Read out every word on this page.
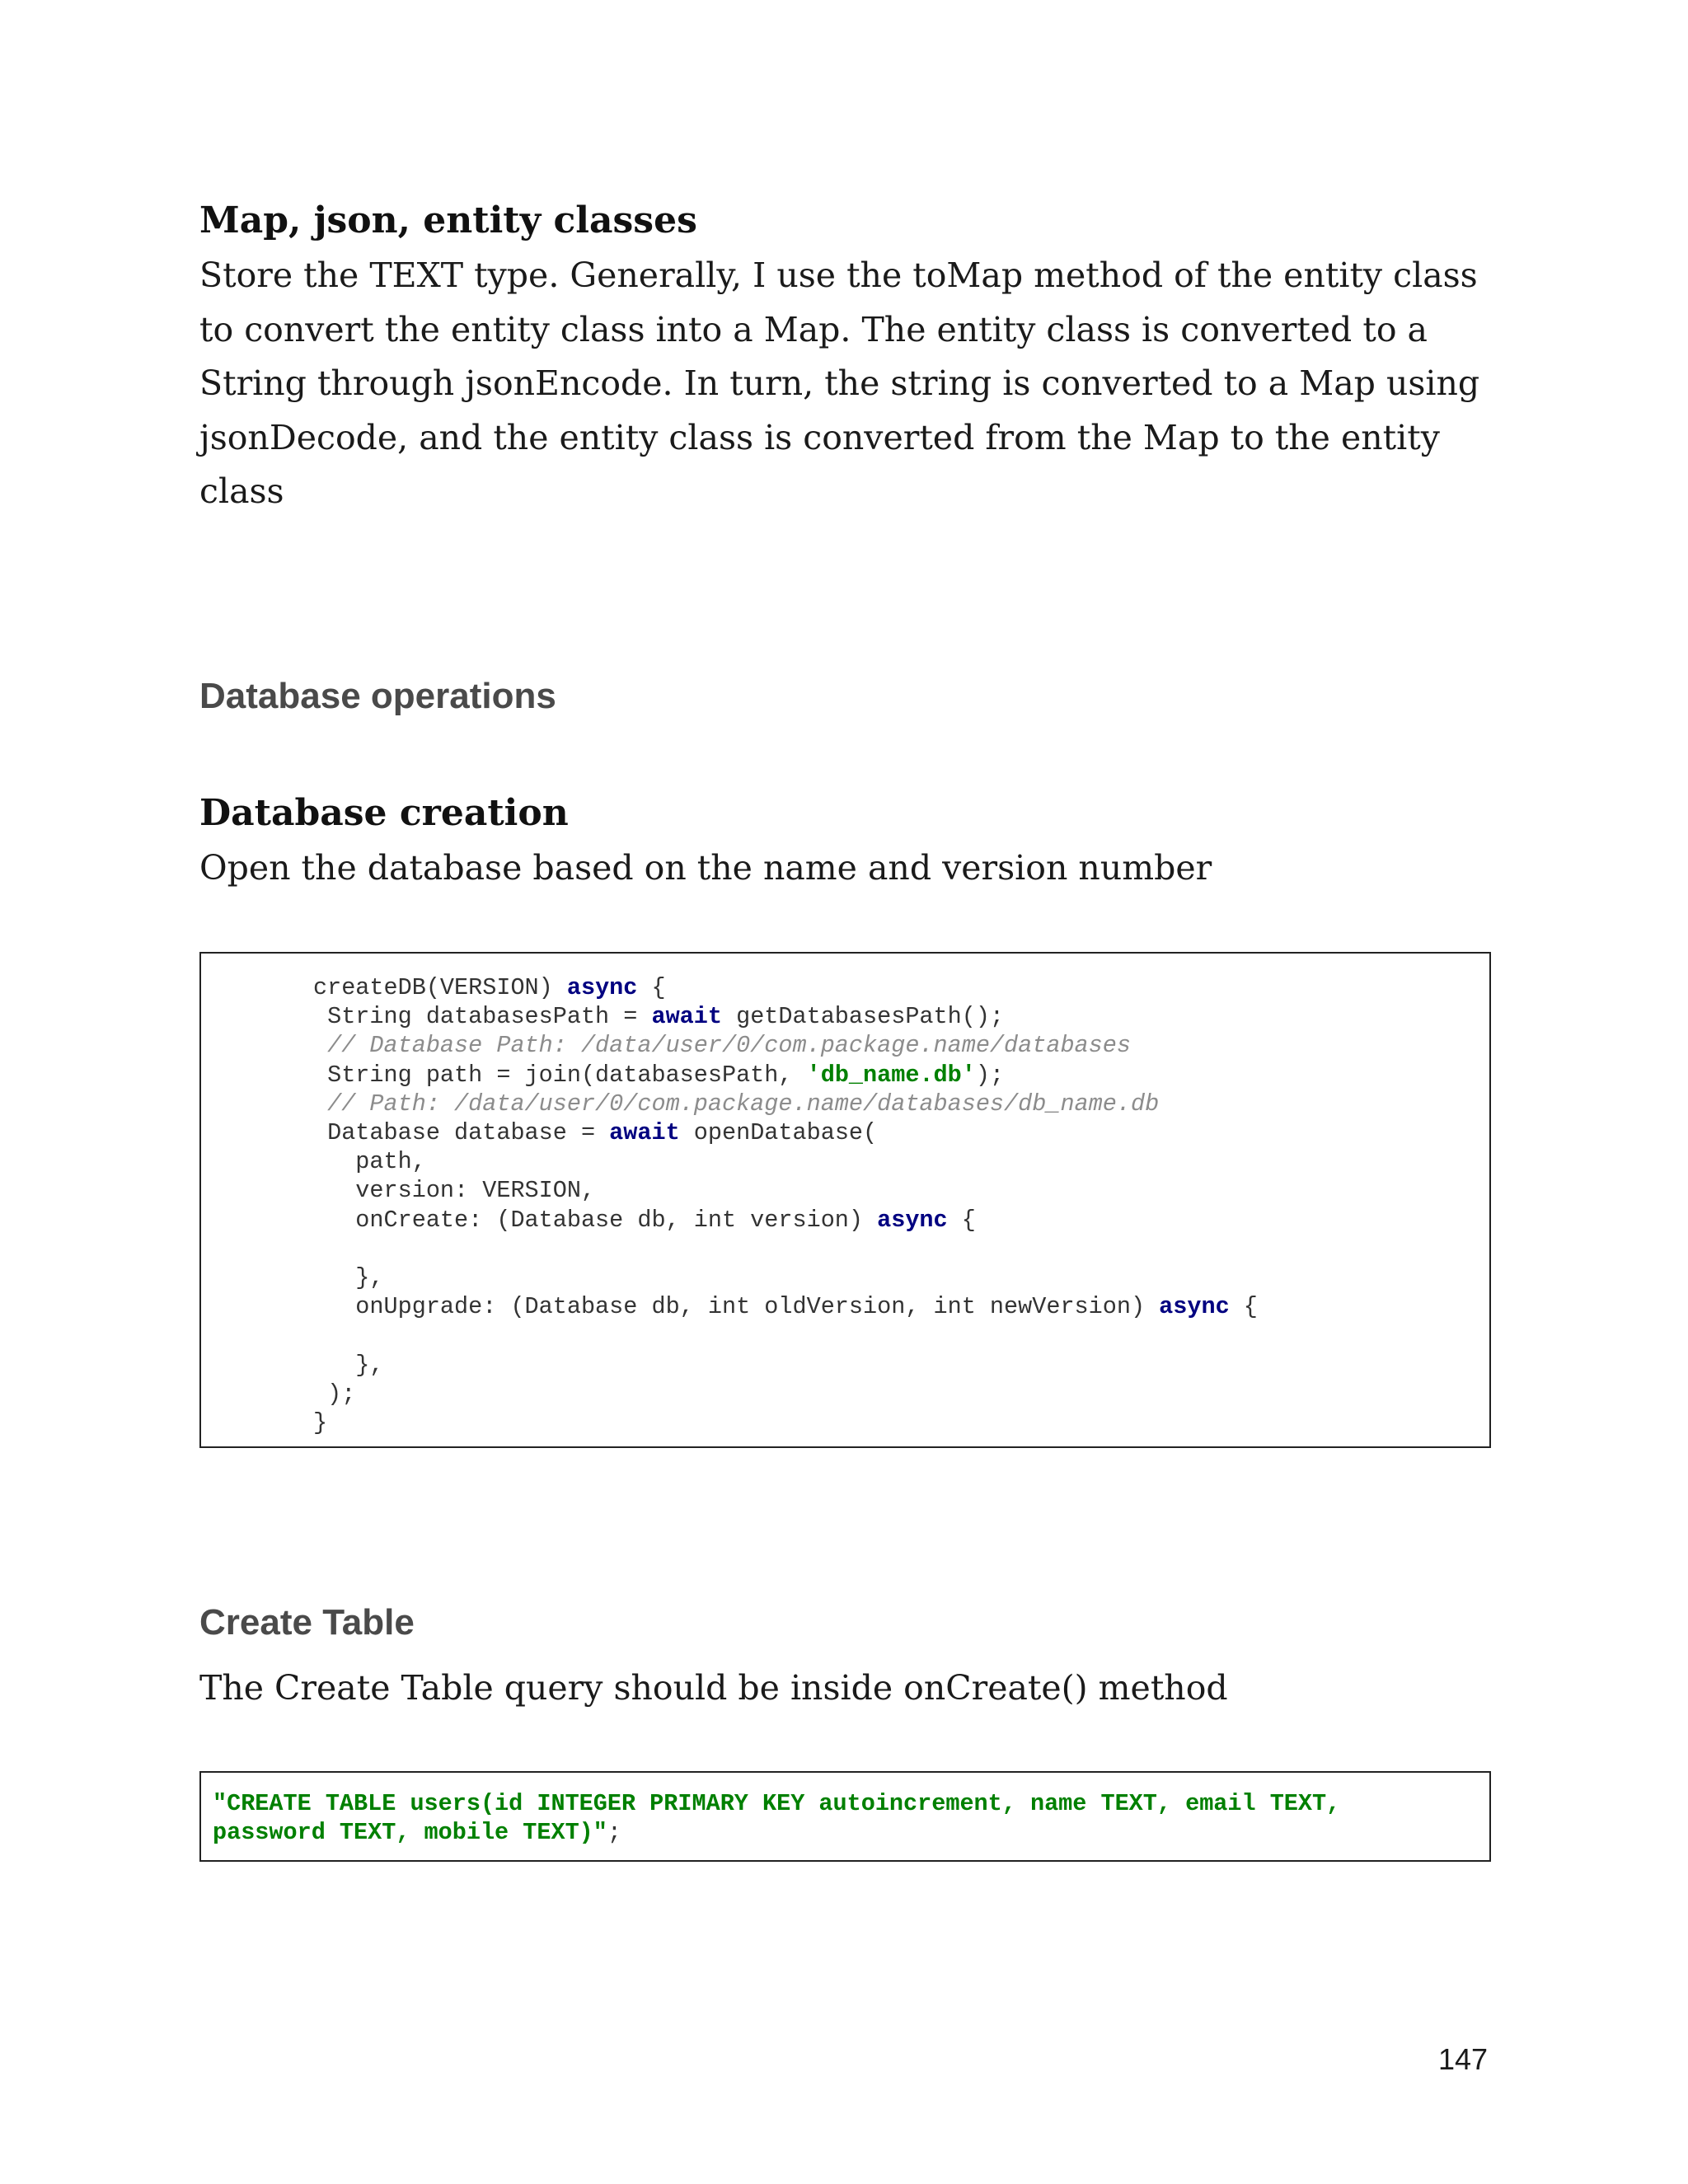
Map, json, entity classes
Store the TEXT type. Generally, I use the toMap method of the entity class
to convert the entity class into a Map. The entity class is converted to a
String through jsonEncode. In turn, the string is converted to a Map using
jsonDecode, and the entity class is converted from the Map to the entity
class
Database operations
Database creation

Open the database based on the name and version number

createDB(VERSION) async {
String databasesPath = await getDatabasesPath();
// Database Path: /data/user/0/com.package.name/databases
String path = join(databasesPath, 'db_name.db');
// Path: /data/user/0/com.package.name/databases/db_name.db
Database database = await openDatabase(
path,
version: VERSION,
onCreate: (Database db, int version) async {
},
onUpgrade: (Database db, int oldVersion, int newVersion) async {
},
);
}
Create Table

The Create Table query should be inside onCreate() method

"CREATE TABLE users(id INTEGER PRIMARY KEY autoincrement, name TEXT, email TEXT,
password TEXT, mobile TEXT)";
147
